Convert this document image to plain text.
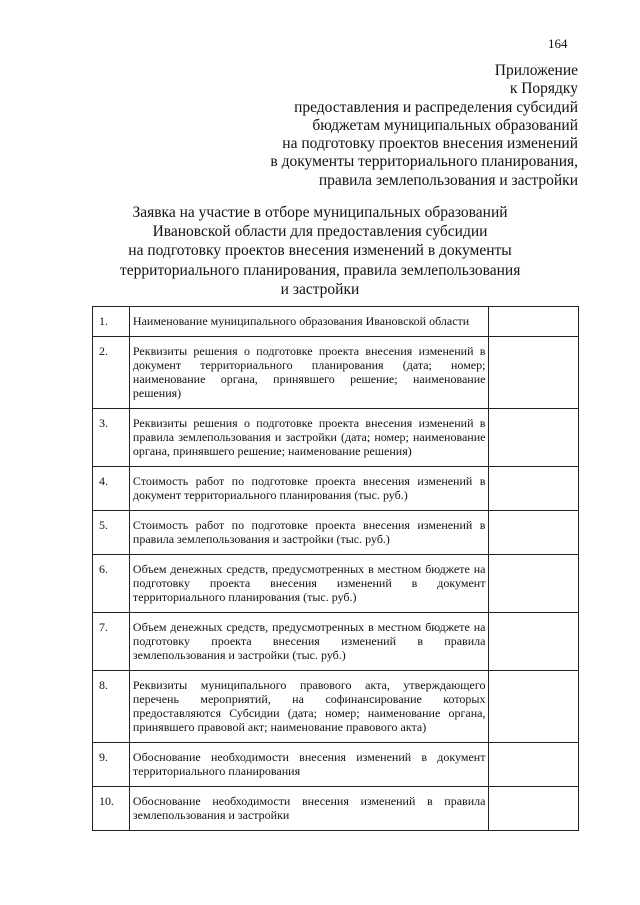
164
Приложение
к Порядку
предоставления и распределения субсидий
бюджетам муниципальных образований
на подготовку проектов внесения изменений
в документы территориального планирования,
правила землепользования и застройки
Заявка на участие в отборе муниципальных образований
Ивановской области для предоставления субсидии
на подготовку проектов внесения изменений в документы
территориального планирования, правила землепользования
и застройки
1.	Наименование муниципального образования Ивановской области	

2.	Реквизиты решения о подготовке проекта внесения изменений в документ территориального планирования (дата; номер; наименование органа, принявшего решение; наименование решения)	

3.	Реквизиты решения о подготовке проекта внесения изменений в правила землепользования и застройки (дата; номер; наименование органа, принявшего решение; наименование решения)	

4.	Стоимость работ по подготовке проекта внесения изменений в документ территориального планирования (тыс. руб.)	

5.	Стоимость работ по подготовке проекта внесения изменений в правила землепользования и застройки (тыс. руб.)	

6.	Объем денежных средств, предусмотренных в местном бюджете на подготовку проекта внесения изменений в документ территориального планирования (тыс. руб.)	

7.	Объем денежных средств, предусмотренных в местном бюджете на подготовку проекта внесения изменений в правила землепользования и застройки (тыс. руб.)	

8.	Реквизиты муниципального правового акта, утверждающего перечень мероприятий, на софинансирование которых предоставляются Субсидии (дата; номер; наименование органа, принявшего правовой акт; наименование правового акта)	

9.	Обоснование необходимости внесения изменений в документ территориального планирования	

10.	Обоснование необходимости внесения изменений в правила землепользования и застройки	
